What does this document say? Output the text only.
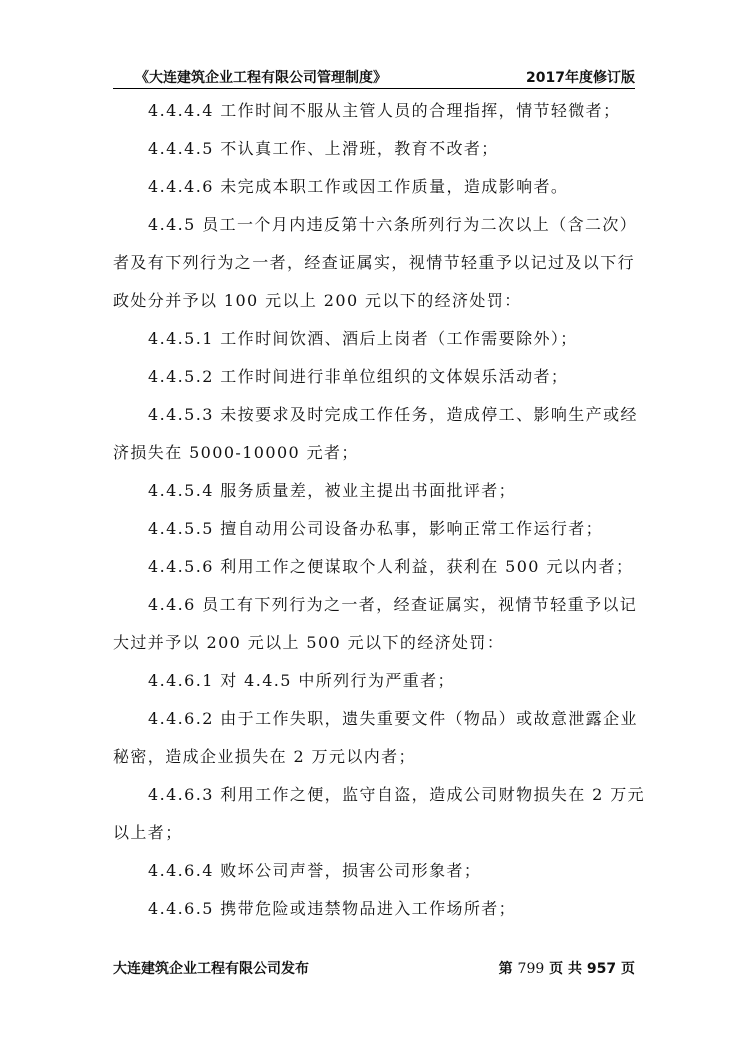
《大连建筑企业工程有限公司管理制度》	2017年度修订版
4.4.4.4 工作时间不服从主管人员的合理指挥，情节轻微者；
4.4.4.5 不认真工作、上滑班，教育不改者；
4.4.4.6 未完成本职工作或因工作质量，造成影响者。
4.4.5 员工一个月内违反第十六条所列行为二次以上（含二次）
者及有下列行为之一者，经查证属实，视情节轻重予以记过及以下行
政处分并予以 100 元以上 200 元以下的经济处罚：
4.4.5.1 工作时间饮酒、酒后上岗者（工作需要除外）；
4.4.5.2 工作时间进行非单位组织的文体娱乐活动者；
4.4.5.3 未按要求及时完成工作任务，造成停工、影响生产或经
济损失在 5000-10000 元者；
4.4.5.4 服务质量差，被业主提出书面批评者；
4.4.5.5 擅自动用公司设备办私事，影响正常工作运行者；
4.4.5.6 利用工作之便谋取个人利益，获利在 500 元以内者；
4.4.6 员工有下列行为之一者，经查证属实，视情节轻重予以记
大过并予以 200 元以上 500 元以下的经济处罚：
4.4.6.1 对 4.4.5 中所列行为严重者；
4.4.6.2 由于工作失职，遗失重要文件（物品）或故意泄露企业
秘密，造成企业损失在 2 万元以内者；
4.4.6.3 利用工作之便，监守自盗，造成公司财物损失在 2 万元
以上者；
4.4.6.4 败坏公司声誉，损害公司形象者；
4.4.6.5 携带危险或违禁物品进入工作场所者；
大连建筑企业工程有限公司发布	第 799 页 共 957 页
